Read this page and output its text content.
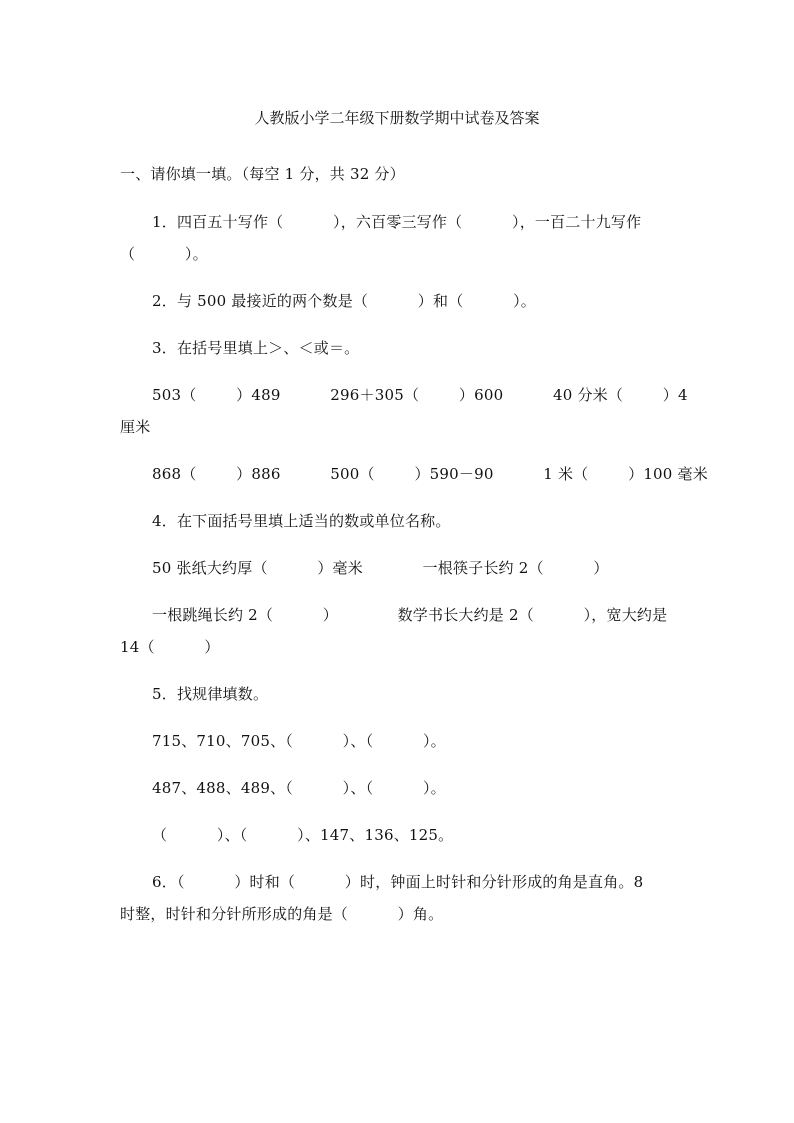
人教版小学二年级下册数学期中试卷及答案
一、请你填一填。（每空 1 分，共 32 分）
1．四百五十写作（          ），六百零三写作（          ），一百二十九写作
（          ）。
2．与 500 最接近的两个数是（          ）和（          ）。
3．在括号里填上＞、＜或＝。
503（        ）489          296＋305（        ）600          40 分米（        ）4
厘米
868（        ）886          500（        ）590－90          1 米（        ）100 毫米
4．在下面括号里填上适当的数或单位名称。
50 张纸大约厚（          ）毫米            一根筷子长约 2（          ）
一根跳绳长约 2（          ）            数学书长大约是 2（          ），宽大约是
14（          ）
5．找规律填数。
715、710、705、（          ）、（          ）。
487、488、489、（          ）、（          ）。
（          ）、（          ）、147、136、125。
6．（          ）时和（          ）时，钟面上时针和分针形成的角是直角。8
时整，时针和分针所形成的角是（          ）角。
